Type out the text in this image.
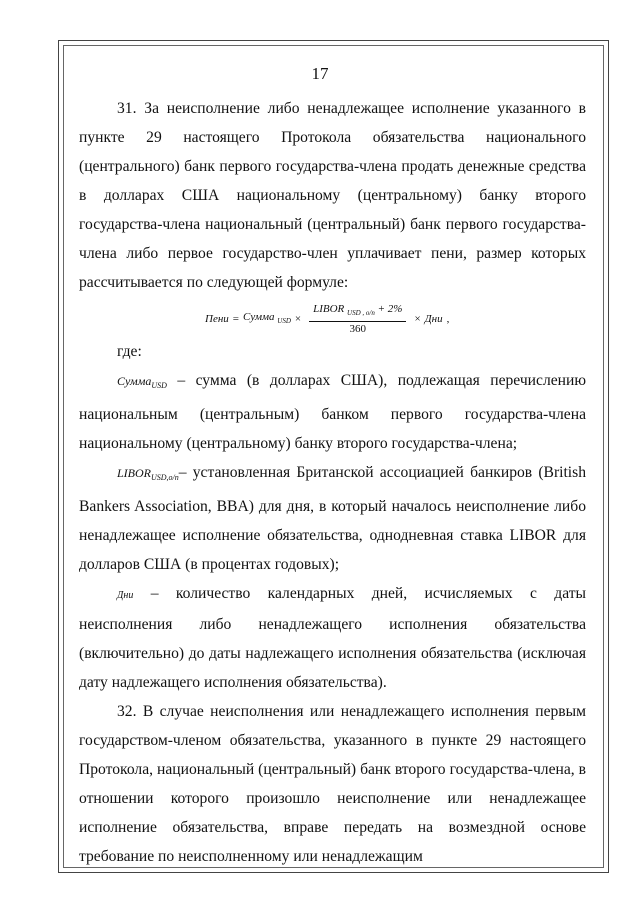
17

31. За неисполнение либо ненадлежащее исполнение указанного в пункте 29 настоящего Протокола обязательства национального (центрального) банк первого государства-члена продать денежные средства в долларах США национальному (центральному) банку второго государства-члена национальный (центральный) банк первого государства-члена либо первое государство-член уплачивает пени, размер которых рассчитывается по следующей формуле:

Пени = Сумма $_{USD} \times \frac{LIBOR _{USD , o/n} + 2\%}{360}$ × Дни ,

где:

СуммаUSD – сумма (в долларах США), подлежащая перечислению национальным (центральным) банком первого государства-члена национальному (центральному) банку второго государства-члена;

LIBORUSD,o/n– установленная Британской ассоциацией банкиров (British Bankers Association, BBA) для дня, в который началось неисполнение либо ненадлежащее исполнение обязательства, однодневная ставка LIBOR для долларов США (в процентах годовых);

Дни – количество календарных дней, исчисляемых с даты неисполнения либо ненадлежащего исполнения обязательства (включительно) до даты надлежащего исполнения обязательства (исключая дату надлежащего исполнения обязательства).

32. В случае неисполнения или ненадлежащего исполнения первым государством-членом обязательства, указанного в пункте 29 настоящего Протокола, национальный (центральный) банк второго государства-члена, в отношении которого произошло неисполнение или ненадлежащее исполнение обязательства, вправе передать на возмездной основе требование по неисполненному или ненадлежащим
